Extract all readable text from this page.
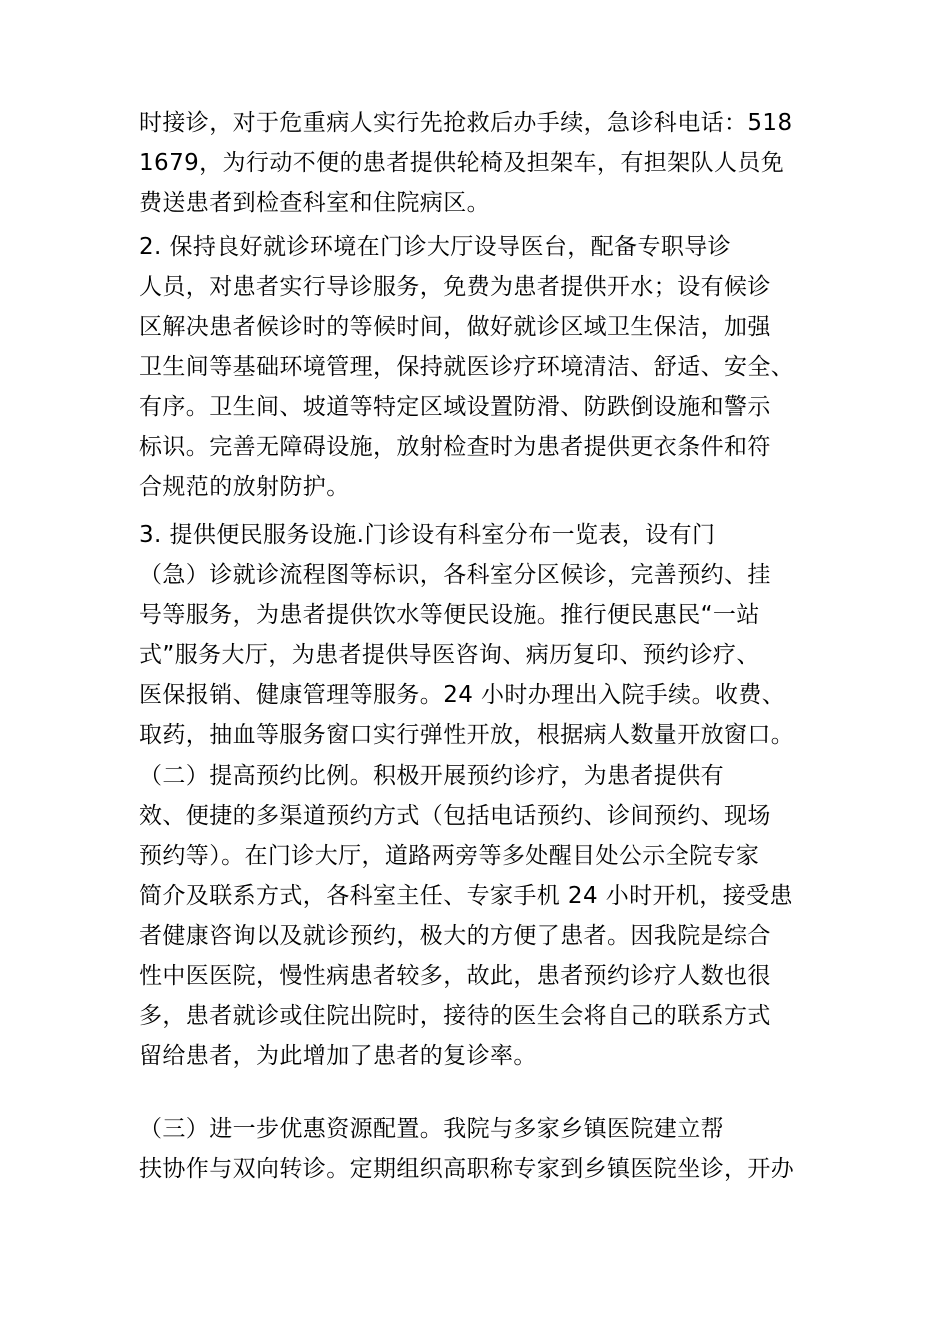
时接诊，对于危重病人实行先抢救后办手续，急诊科电话：518
1679，为行动不便的患者提供轮椅及担架车，有担架队人员免
费送患者到检查科室和住院病区。
2. 保持良好就诊环境在门诊大厅设导医台，配备专职导诊
人员，对患者实行导诊服务，免费为患者提供开水；设有候诊
区解决患者候诊时的等候时间，做好就诊区域卫生保洁，加强
卫生间等基础环境管理，保持就医诊疗环境清洁、舒适、安全、
有序。卫生间、坡道等特定区域设置防滑、防跌倒设施和警示
标识。完善无障碍设施，放射检查时为患者提供更衣条件和符
合规范的放射防护。
3. 提供便民服务设施.门诊设有科室分布一览表，设有门
（急）诊就诊流程图等标识，各科室分区候诊，完善预约、挂
号等服务，为患者提供饮水等便民设施。推行便民惠民“一站
式”服务大厅，为患者提供导医咨询、病历复印、预约诊疗、
医保报销、健康管理等服务。24 小时办理出入院手续。收费、
取药，抽血等服务窗口实行弹性开放，根据病人数量开放窗口。
（二）提高预约比例。积极开展预约诊疗，为患者提供有
效、便捷的多渠道预约方式（包括电话预约、诊间预约、现场
预约等）。在门诊大厅，道路两旁等多处醒目处公示全院专家
简介及联系方式，各科室主任、专家手机 24 小时开机，接受患
者健康咨询以及就诊预约，极大的方便了患者。因我院是综合
性中医医院，慢性病患者较多，故此，患者预约诊疗人数也很
多，患者就诊或住院出院时，接待的医生会将自己的联系方式
留给患者，为此增加了患者的复诊率。
（三）进一步优惠资源配置。我院与多家乡镇医院建立帮
扶协作与双向转诊。定期组织高职称专家到乡镇医院坐诊，开办
